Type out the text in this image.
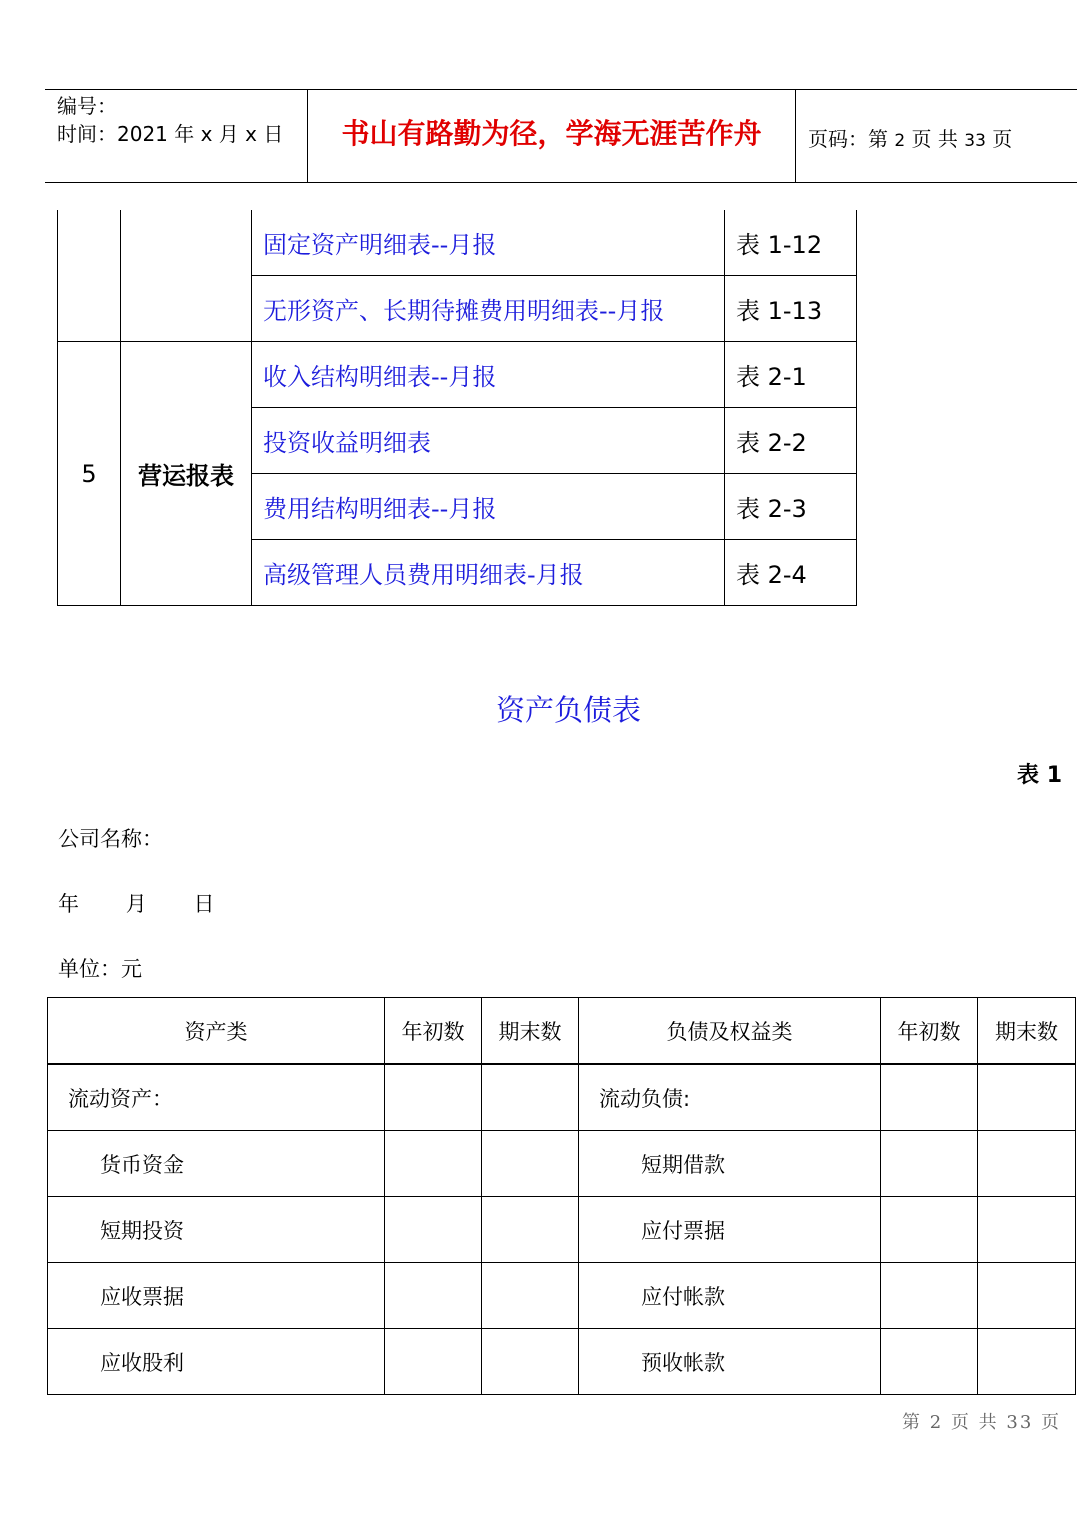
编号：
时间：2021 年 x 月 x 日	书山有路勤为径，学海无涯苦作舟	页码：第 2 页 共 33 页
		固定资产明细表--月报	表 1-12
		无形资产、长期待摊费用明细表--月报	表 1-13
5	营运报表	收入结构明细表--月报	表 2-1
		投资收益明细表	表 2-2
		费用结构明细表--月报	表 2-3
		高级管理人员费用明细表-月报	表 2-4
资产负债表
表 1
公司名称：
年       月       日
单位：元
资产类	年初数	期末数	负债及权益类	年初数	期末数
流动资产：			流动负债:		
货币资金			短期借款		
短期投资			应付票据		
应收票据			应付帐款		
应收股利			预收帐款		
第 2 页 共 33 页
